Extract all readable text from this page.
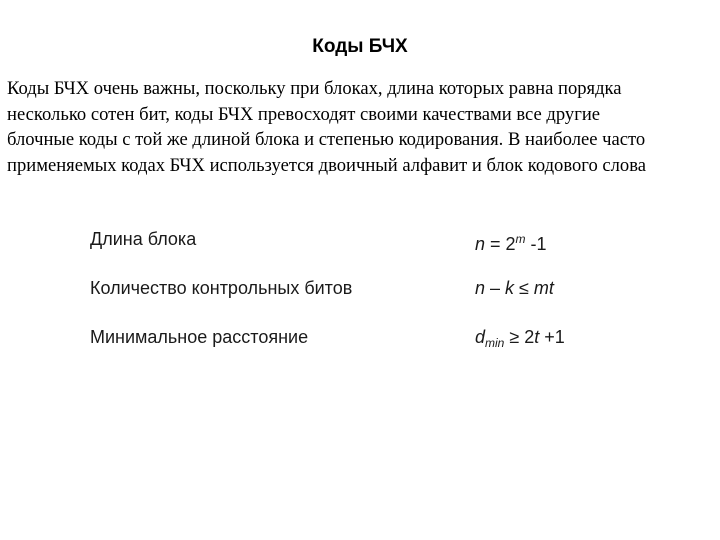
Коды БЧХ
Коды БЧХ очень важны, поскольку при блоках, длина которых равна порядка
несколько сотен бит, коды БЧХ превосходят своими качествами все другие
блочные коды с той же длиной блока и степенью кодирования. В наиболее часто
применяемых кодах БЧХ используется двоичный алфавит и блок кодового слова
Длина блока	$n = 2^m$ -1
Количество контрольных битов	n – k ≤ mt
Минимальное расстояние	$d_{min} \ge 2t +1$
